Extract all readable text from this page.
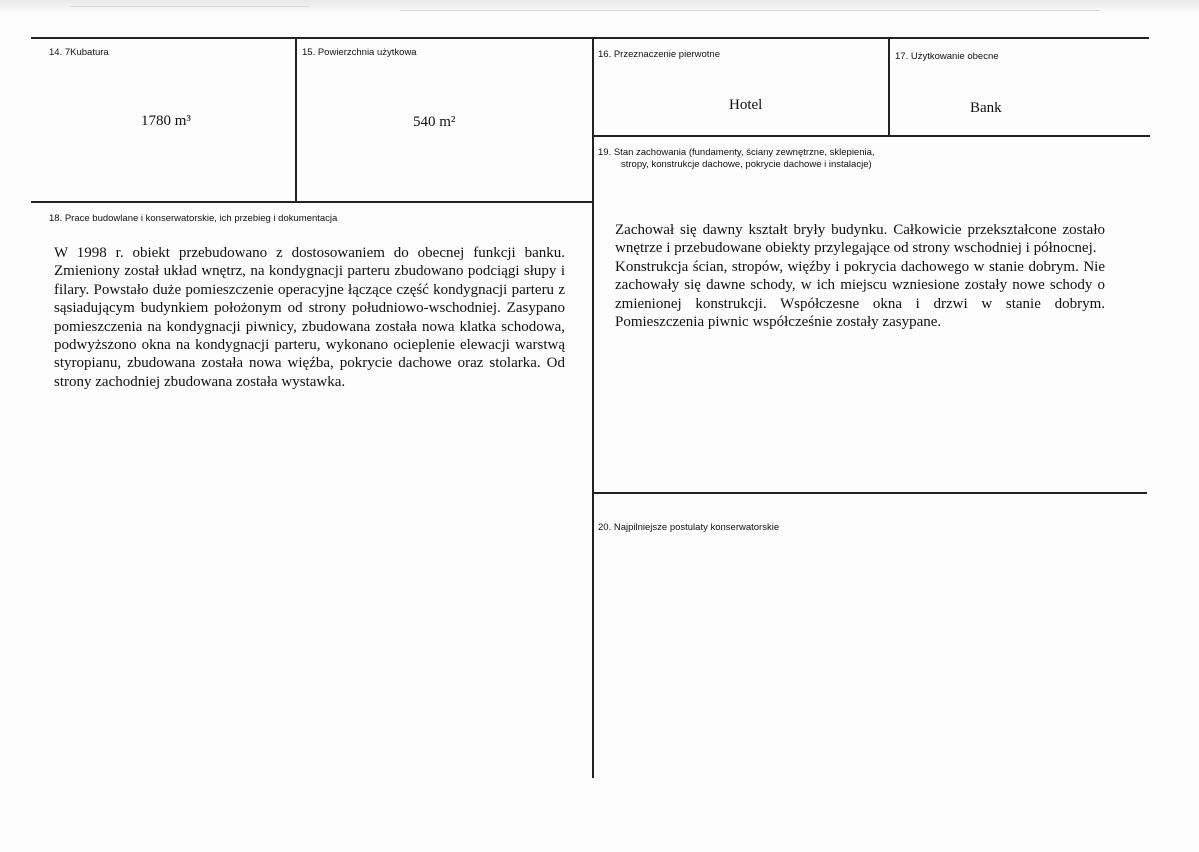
14. 7Kubatura
1780 m³
15. Powierzchnia użytkowa
540 m²
16. Przeznaczenie pierwotne
Hotel
17. Użytkowanie obecne
Bank
19. Stan zachowania (fundamenty, ściany zewnętrzne, sklepienia,
stropy, konstrukcje dachowe, pokrycie dachowe i instalacje)
18. Prace budowlane i konserwatorskie, ich przebieg i dokumentacja

W 1998 r. obiekt przebudowano z dostosowaniem do obecnej funkcji banku. Zmieniony został układ wnętrz, na kondygnacji parteru zbudowano podciągi słupy i filary. Powstało duże pomieszczenie operacyjne łączące część kondygnacji parteru z sąsiadującym budynkiem położonym od strony południowo-wschodniej. Zasypano pomieszczenia na kondygnacji piwnicy, zbudowana została nowa klatka schodowa, podwyższono okna na kondygnacji parteru, wykonano ocieplenie elewacji warstwą styropianu, zbudowana została nowa więźba, pokrycie dachowe oraz stolarka. Od strony zachodniej zbudowana została wystawka.

Zachował się dawny kształt bryły budynku. Całkowicie przekształcone zostało wnętrze i przebudowane obiekty przylegające od strony wschodniej i północnej.

Konstrukcja ścian, stropów, więźby i pokrycia dachowego w stanie dobrym. Nie zachowały się dawne schody, w ich miejscu wzniesione zostały nowe schody o zmienionej konstrukcji. Współczesne okna i drzwi w stanie dobrym. Pomieszczenia piwnic współcześnie zostały zasypane.

20. Najpilniejsze postulaty konserwatorskie
